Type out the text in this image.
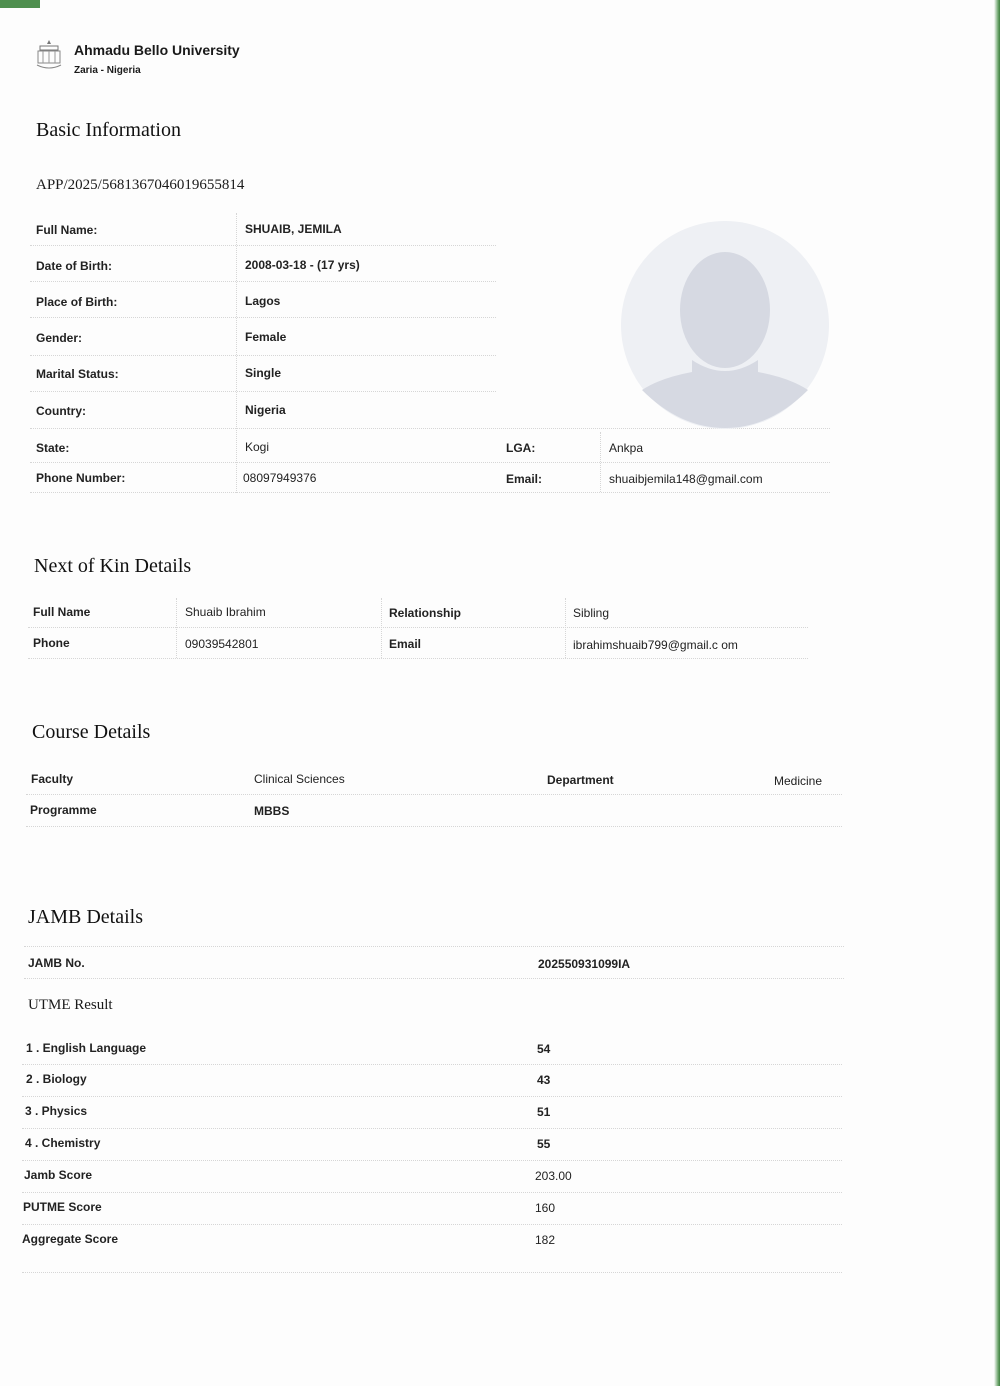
Ahmadu Bello University
Zaria - Nigeria
Basic Information
APP/2025/5681367046019655814
Full Name:	SHUAIB, JEMILA
Date of Birth:	2008-03-18 - (17 yrs)
Place of Birth:	Lagos
Gender:	Female
Marital Status:	Single
Country:	Nigeria
State:	Kogi	LGA:	Ankpa
Phone Number:	08097949376	Email:	shuaibjemila148@gmail.com
Next of Kin Details
Full Name	Shuaib Ibrahim	Relationship	Sibling
Phone	09039542801	Email	ibrahimshuaib799@gmail.c om
Course Details
Faculty	Clinical Sciences	Department	Medicine
Programme	MBBS
JAMB Details
JAMB No.	202550931099IA
UTME Result
1 . English Language	54
2 . Biology	43
3 . Physics	51
4 . Chemistry	55
Jamb Score	203.00
PUTME Score	160
Aggregate Score	182
